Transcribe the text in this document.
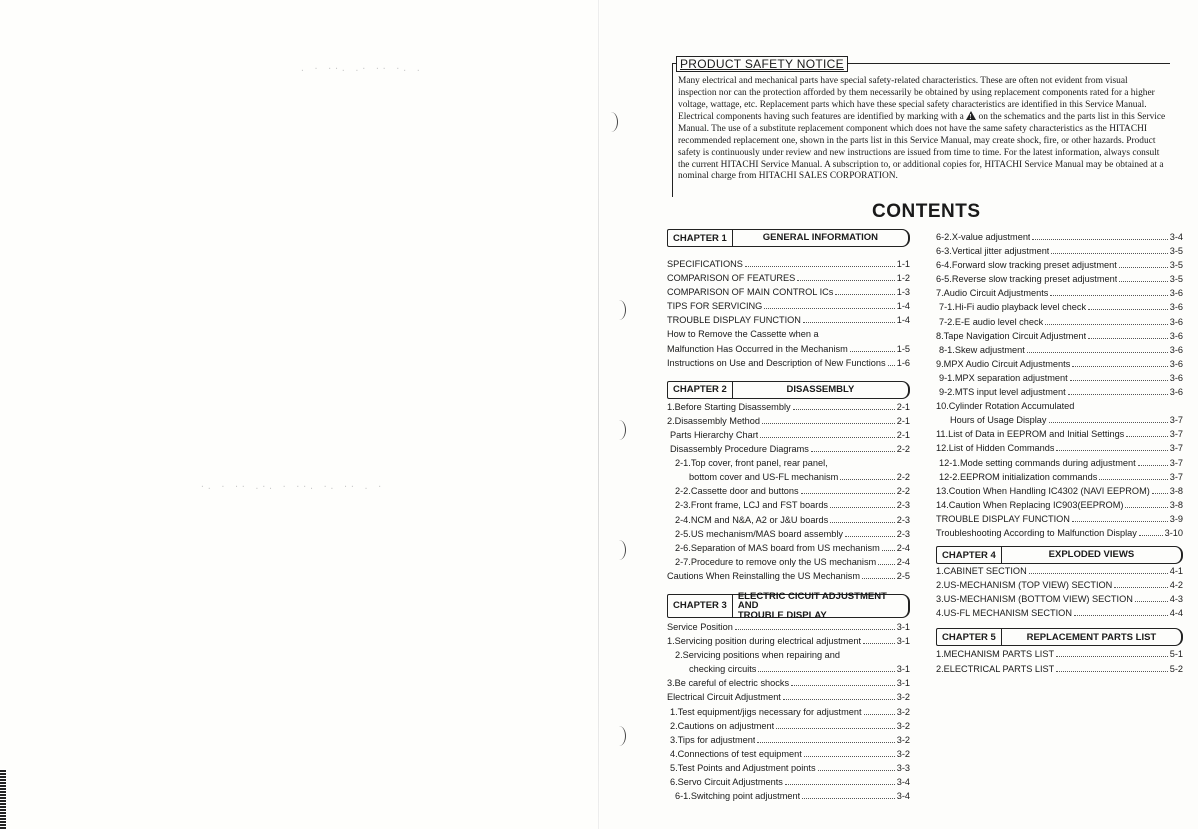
. · ··. .· ·· ·. .
·. · ·· .·. · ··. ·. ·· . ·
PRODUCT SAFETY NOTICE
Many electrical and mechanical parts have special safety-related characteristics. These are often not evident from visual inspection nor can the protection afforded by them necessarily be obtained by using replacement components rated for a higher voltage, wattage, etc. Replacement parts which have these special safety characteristics are identified in this Service Manual. Electrical components having such features are identified by marking with a ! on the schematics and the parts list in this Service Manual. The use of a substitute replacement component which does not have the same safety characteristics as the HITACHI recommended replacement one, shown in the parts list in this Service Manual, may create shock, fire, or other hazards. Product safety is continuously under review and new instructions are issued from time to time. For the latest information, always consult the current HITACHI Service Manual. A subscription to, or additional copies for, HITACHI Service Manual may be obtained at a nominal charge from HITACHI SALES CORPORATION.
CONTENTS
CHAPTER 1	GENERAL INFORMATION
SPECIFICATIONS	1-1
COMPARISON OF FEATURES	1-2
COMPARISON OF MAIN CONTROL ICs	1-3
TIPS FOR SERVICING	1-4
TROUBLE DISPLAY FUNCTION	1-4
How to Remove the Cassette when a
Malfunction Has Occurred in the Mechanism	1-5
Instructions on Use and Description of New Functions 1-6
CHAPTER 2	DISASSEMBLY
1.Before Starting Disassembly	2-1
2.Disassembly Method	2-1
Parts Hierarchy Chart	2-1
Disassembly Procedure Diagrams	2-2
2-1.Top cover, front panel, rear panel,
bottom cover and US-FL mechanism	2-2
2-2.Cassette door and buttons	2-2
2-3.Front frame, LCJ and FST boards	2-3
2-4.NCM and N&A, A2 or J&U boards	2-3
2-5.US mechanism/MAS board assembly	2-3
2-6.Separation of MAS board from US mechanism 2-4
2-7.Procedure to remove only the US mechanism 2-4
Cautions When Reinstalling the US Mechanism	2-5
CHAPTER 3
ELECTRIC CICUIT ADJUSTMENT AND
TROUBLE DISPLAY
Service Position	3-1
1.Servicing position during electrical adjustment	3-1
2.Servicing positions when repairing and
checking circuits	3-1
3.Be careful of electric shocks	3-1
Electrical Circuit Adjustment	3-2
1.Test equipment/jigs necessary for adjustment	3-2
2.Cautions on adjustment	3-2
3.Tips for adjustment	3-2
4.Connections of test equipment	3-2
5.Test Points and Adjustment points	3-3
6.Servo Circuit Adjustments	3-4
6-1.Switching point adjustment	3-4
6-2.X-value adjustment	3-4
6-3.Vertical jitter adjustment	3-5
6-4.Forward slow tracking preset adjustment	3-5
6-5.Reverse slow tracking preset adjustment	3-5
7.Audio Circuit Adjustments	3-6
7-1.Hi-Fi audio playback level check	3-6
7-2.E-E audio level check	3-6
8.Tape Navigation Circuit Adjustment	3-6
8-1.Skew adjustment	3-6
9.MPX Audio Circuit Adjustments	3-6
9-1.MPX separation adjustment	3-6
9-2.MTS input level adjustment	3-6
10.Cylinder Rotation Accumulated
Hours of Usage Display	3-7
11.List of Data in EEPROM and Initial Settings	3-7
12.List of Hidden Commands	3-7
12-1.Mode setting commands during adjustment	3-7
12-2.EEPROM initialization commands	3-7
13.Coution When Handling IC4302 (NAVI EEPROM) 3-8
14.Caution When Replacing IC903(EEPROM)	3-8
TROUBLE DISPLAY FUNCTION	3-9
Troubleshooting According to Malfunction Display	3-10
CHAPTER 4	EXPLODED VIEWS
1.CABINET SECTION	4-1
2.US-MECHANISM (TOP VIEW) SECTION	4-2
3.US-MECHANISM (BOTTOM VIEW) SECTION	4-3
4.US-FL MECHANISM SECTION	4-4
CHAPTER 5	REPLACEMENT PARTS LIST
1.MECHANISM PARTS LIST	5-1
2.ELECTRICAL PARTS LIST	5-2
